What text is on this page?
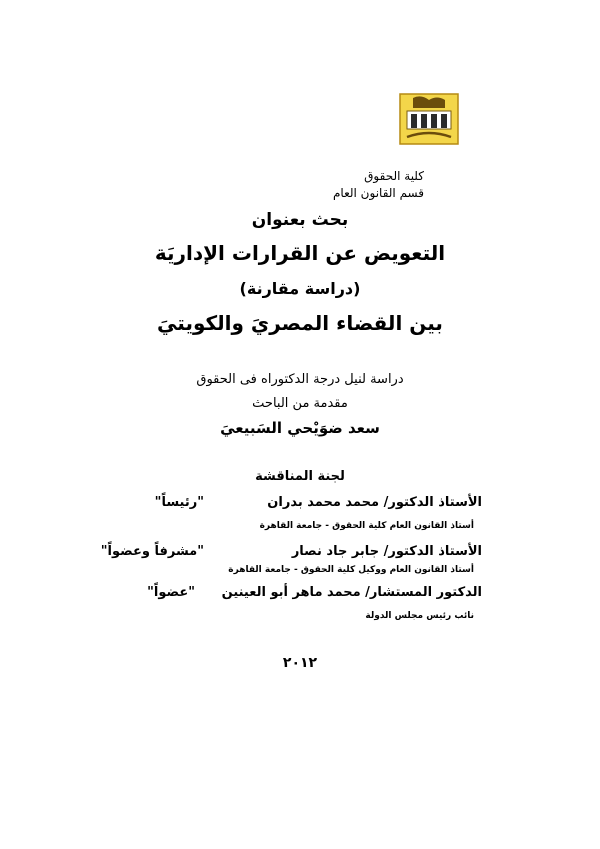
كلية الحقوق
قسم القانون العام
بحث بعنوان
التعويض عن القرارات الإداريَة
(دراسة مقارنة)
بين القضاء المصريَ والكويتيَ
دراسة لنيل درجة الدكتوراه فى الحقوق
مقدمة من الباحث
سعد ضوَيْحي السَبيعيَ
لجنة المناقشة
الأستاذ الدكتور/ محمد محمد بدران
"رئيساً"
أستاذ القانون العام كلية الحقوق - جامعة القاهرة
الأستاذ الدكتور/ جابر جاد نصار
"مشرفاً وعضواً"
أستاذ القانون العام ووكيل كلية الحقوق - جامعة القاهرة
الدكتور المستشار/ محمد ماهر أبو العينين
"عضواً"
نائب رئيس مجلس الدولة
٢٠١٢
